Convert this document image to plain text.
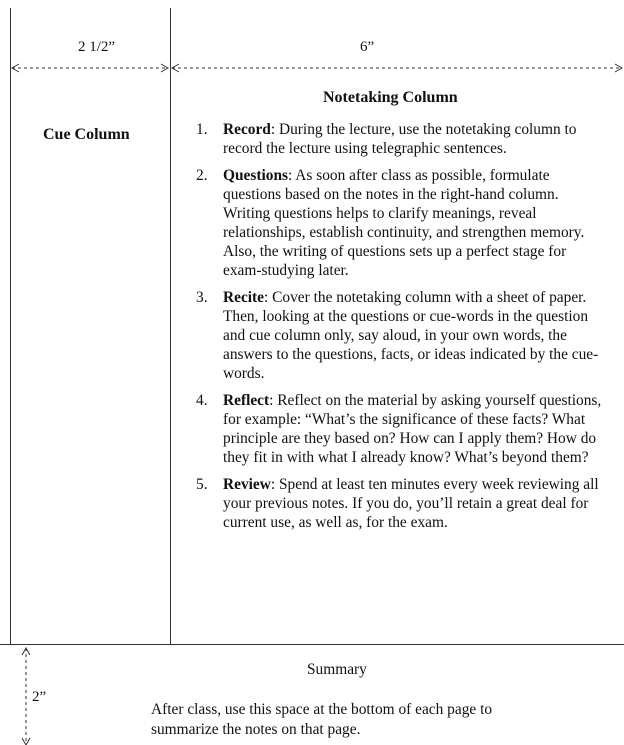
2 1/2”	6”
2”
Cue Column
Notetaking Column
1.	Record: During the lecture, use the notetaking column to record the lecture using telegraphic sentences.
2.	Questions: As soon after class as possible, formulate questions based on the notes in the right-hand column. Writing questions helps to clarify meanings, reveal relationships, establish continuity, and strengthen memory. Also, the writing of questions sets up a perfect stage for exam-studying later.
3.	Recite: Cover the notetaking column with a sheet of paper. Then, looking at the questions or cue-words in the question and cue column only, say aloud, in your own words, the answers to the questions, facts, or ideas indicated by the cue-words.
4.	Reflect: Reflect on the material by asking yourself questions, for example: “What’s the significance of these facts? What principle are they based on? How can I apply them? How do they fit in with what I already know? What’s beyond them?
5.	Review: Spend at least ten minutes every week reviewing all your previous notes. If you do, you’ll retain a great deal for current use, as well as, for the exam.
Summary
After class, use this space at the bottom of each page to summarize the notes on that page.
